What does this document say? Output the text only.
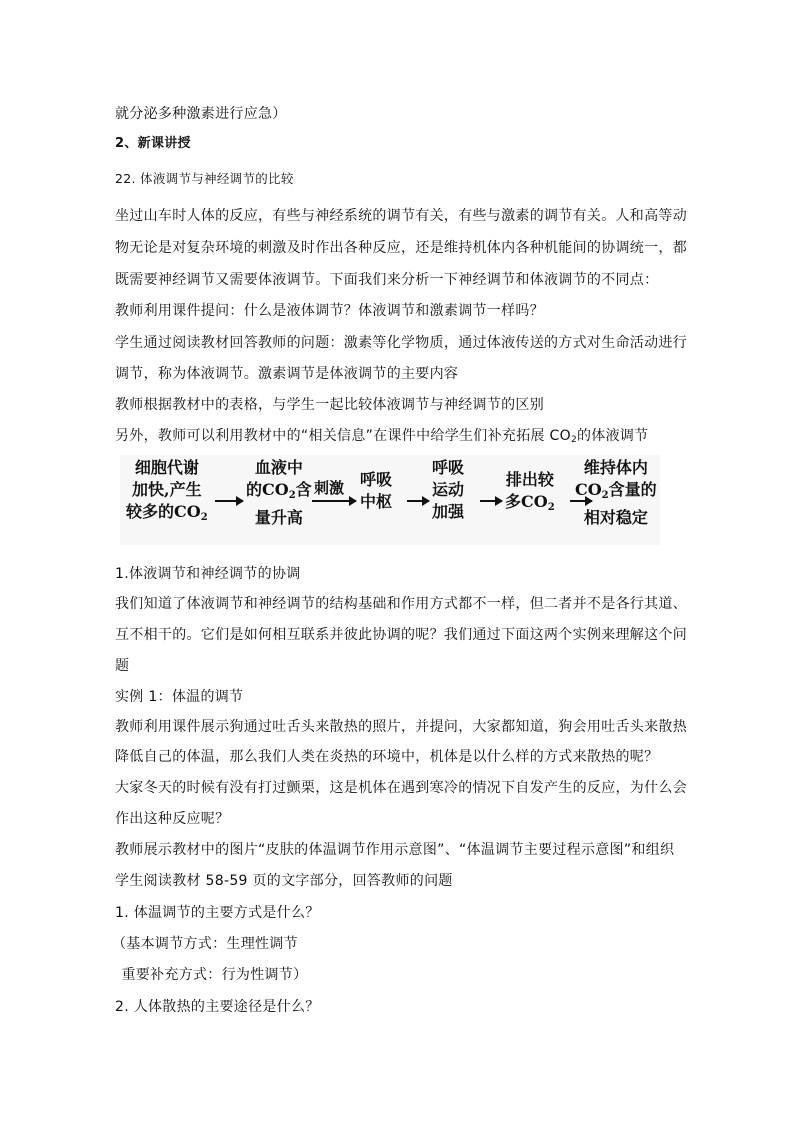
就分泌多种激素进行应急）
2、新课讲授
22. 体液调节与神经调节的比较
坐过山车时人体的反应，有些与神经系统的调节有关，有些与激素的调节有关。人和高等动
物无论是对复杂环境的刺激及时作出各种反应，还是维持机体内各种机能间的协调统一，都
既需要神经调节又需要体液调节。下面我们来分析一下神经调节和体液调节的不同点：
教师利用课件提问：什么是液体调节？体液调节和激素调节一样吗？
学生通过阅读教材回答教师的问题：激素等化学物质，通过体液传送的方式对生命活动进行
调节，称为体液调节。激素调节是体液调节的主要内容
教师根据教材中的表格，与学生一起比较体液调节与神经调节的区别
另外，教师可以利用教材中的“相关信息”在课件中给学生们补充拓展 $CO_2$的体液调节
细胞代谢
加快,产生
较多的$CO_2$
血液中
的$CO_2$含
量升高
刺激 呼吸
中枢
呼吸
运动
加强
排出较
多$CO_2$
维持体内
$CO_2$含量的
相对稳定
1.体液调节和神经调节的协调
我们知道了体液调节和神经调节的结构基础和作用方式都不一样，但二者并不是各行其道、
互不相干的。它们是如何相互联系并彼此协调的呢？我们通过下面这两个实例来理解这个问
题
实例 1：体温的调节
教师利用课件展示狗通过吐舌头来散热的照片，并提问，大家都知道，狗会用吐舌头来散热
降低自己的体温，那么我们人类在炎热的环境中，机体是以什么样的方式来散热的呢？
大家冬天的时候有没有打过颤栗，这是机体在遇到寒冷的情况下自发产生的反应，为什么会
作出这种反应呢？
教师展示教材中的图片“皮肤的体温调节作用示意图”、“体温调节主要过程示意图”和组织
学生阅读教材 58-59 页的文字部分，回答教师的问题
1. 体温调节的主要方式是什么？
（基本调节方式：生理性调节
重要补充方式：行为性调节）
2. 人体散热的主要途径是什么？
